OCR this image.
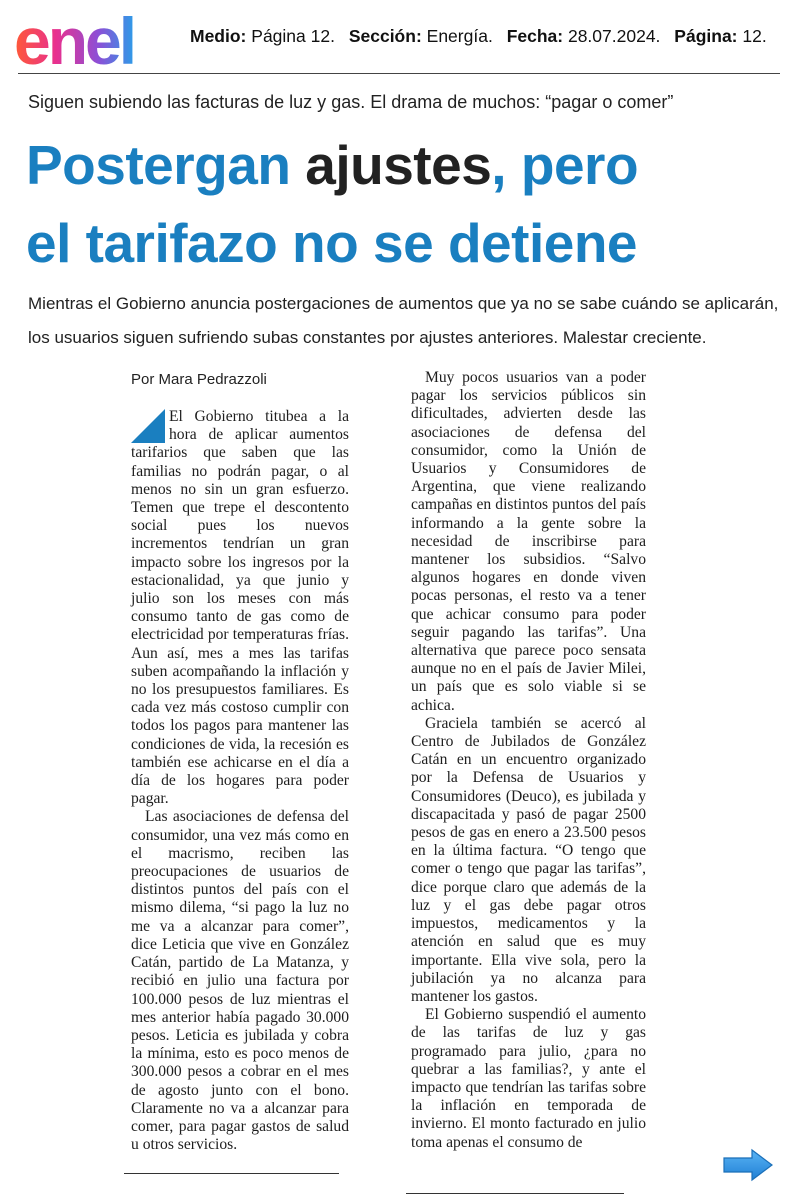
enel	Medio: Página 12. Sección: Energía. Fecha: 28.07.2024. Página: 12.
Siguen subiendo las facturas de luz y gas. El drama de muchos: “pagar o comer”
Postergan ajustes, pero
el tarifazo no se detiene
Mientras el Gobierno anuncia postergaciones de aumentos que ya no se sabe cuándo se aplicarán,
los usuarios siguen sufriendo subas constantes por ajustes anteriores. Malestar creciente.
Por Mara Pedrazzoli

El Gobierno titubea a la hora de aplicar aumentos tarifarios que saben que las familias no podrán pagar, o al menos no sin un gran esfuerzo. Temen que trepe el descontento social pues los nuevos incrementos tendrían un gran impacto sobre los ingresos por la estacionalidad, ya que junio y julio son los meses con más consumo tanto de gas como de electricidad por temperaturas frías. Aun así, mes a mes las tarifas suben acompañando la inflación y no los presupuestos familiares. Es cada vez más costoso cumplir con todos los pagos para mantener las condiciones de vida, la recesión es también ese achicarse en el día a día de los hogares para poder pagar.

Las asociaciones de defensa del consumidor, una vez más como en el macrismo, reciben las preocupaciones de usuarios de distintos puntos del país con el mismo dilema, “si pago la luz no me va a alcanzar para comer”, dice Leticia que vive en González Catán, partido de La Matanza, y recibió en julio una factura por 100.000 pesos de luz mientras el mes anterior había pagado 30.000 pesos. Leticia es jubilada y cobra la mínima, esto es poco menos de 300.000 pesos a cobrar en el mes de agosto junto con el bono. Claramente no va a alcanzar para comer, para pagar gastos de salud u otros servicios.

Muy pocos usuarios van a poder pagar los servicios públicos sin dificultades, advierten desde las asociaciones de defensa del consumidor, como la Unión de Usuarios y Consumidores de Argentina, que viene realizando campañas en distintos puntos del país informando a la gente sobre la necesidad de inscribirse para mantener los subsidios. “Salvo algunos hogares en donde viven pocas personas, el resto va a tener que achicar consumo para poder seguir pagando las tarifas”. Una alternativa que parece poco sensata aunque no en el país de Javier Milei, un país que es solo viable si se achica.

Graciela también se acercó al Centro de Jubilados de González Catán en un encuentro organizado por la Defensa de Usuarios y Consumidores (Deuco), es jubilada y discapacitada y pasó de pagar 2500 pesos de gas en enero a 23.500 pesos en la última factura. “O tengo que comer o tengo que pagar las tarifas”, dice porque claro que además de la luz y el gas debe pagar otros impuestos, medicamentos y la atención en salud que es muy importante. Ella vive sola, pero la jubilación ya no alcanza para mantener los gastos.

El Gobierno suspendió el aumento de las tarifas de luz y gas programado para julio, ¿para no quebrar a las familias?, y ante el impacto que tendrían las tarifas sobre la inflación en temporada de invierno. El monto facturado en julio toma apenas el consumo de
